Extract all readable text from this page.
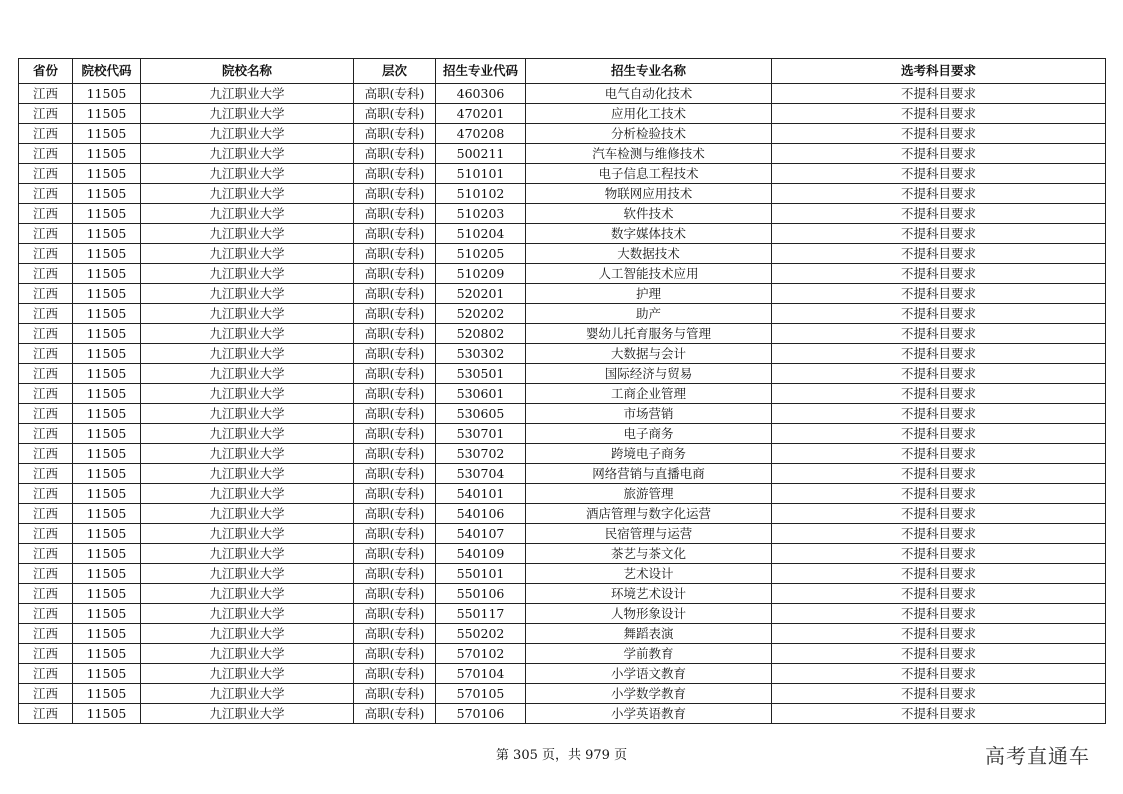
省份	院校代码	院校名称	层次	招生专业代码	招生专业名称	选考科目要求
江西	11505	九江职业大学	高职(专科)	460306	电气自动化技术	不提科目要求
江西	11505	九江职业大学	高职(专科)	470201	应用化工技术	不提科目要求
江西	11505	九江职业大学	高职(专科)	470208	分析检验技术	不提科目要求
江西	11505	九江职业大学	高职(专科)	500211	汽车检测与维修技术	不提科目要求
江西	11505	九江职业大学	高职(专科)	510101	电子信息工程技术	不提科目要求
江西	11505	九江职业大学	高职(专科)	510102	物联网应用技术	不提科目要求
江西	11505	九江职业大学	高职(专科)	510203	软件技术	不提科目要求
江西	11505	九江职业大学	高职(专科)	510204	数字媒体技术	不提科目要求
江西	11505	九江职业大学	高职(专科)	510205	大数据技术	不提科目要求
江西	11505	九江职业大学	高职(专科)	510209	人工智能技术应用	不提科目要求
江西	11505	九江职业大学	高职(专科)	520201	护理	不提科目要求
江西	11505	九江职业大学	高职(专科)	520202	助产	不提科目要求
江西	11505	九江职业大学	高职(专科)	520802	婴幼儿托育服务与管理	不提科目要求
江西	11505	九江职业大学	高职(专科)	530302	大数据与会计	不提科目要求
江西	11505	九江职业大学	高职(专科)	530501	国际经济与贸易	不提科目要求
江西	11505	九江职业大学	高职(专科)	530601	工商企业管理	不提科目要求
江西	11505	九江职业大学	高职(专科)	530605	市场营销	不提科目要求
江西	11505	九江职业大学	高职(专科)	530701	电子商务	不提科目要求
江西	11505	九江职业大学	高职(专科)	530702	跨境电子商务	不提科目要求
江西	11505	九江职业大学	高职(专科)	530704	网络营销与直播电商	不提科目要求
江西	11505	九江职业大学	高职(专科)	540101	旅游管理	不提科目要求
江西	11505	九江职业大学	高职(专科)	540106	酒店管理与数字化运营	不提科目要求
江西	11505	九江职业大学	高职(专科)	540107	民宿管理与运营	不提科目要求
江西	11505	九江职业大学	高职(专科)	540109	茶艺与茶文化	不提科目要求
江西	11505	九江职业大学	高职(专科)	550101	艺术设计	不提科目要求
江西	11505	九江职业大学	高职(专科)	550106	环境艺术设计	不提科目要求
江西	11505	九江职业大学	高职(专科)	550117	人物形象设计	不提科目要求
江西	11505	九江职业大学	高职(专科)	550202	舞蹈表演	不提科目要求
江西	11505	九江职业大学	高职(专科)	570102	学前教育	不提科目要求
江西	11505	九江职业大学	高职(专科)	570104	小学语文教育	不提科目要求
江西	11505	九江职业大学	高职(专科)	570105	小学数学教育	不提科目要求
江西	11505	九江职业大学	高职(专科)	570106	小学英语教育	不提科目要求
第 305 页，共 979 页	高考直通车
